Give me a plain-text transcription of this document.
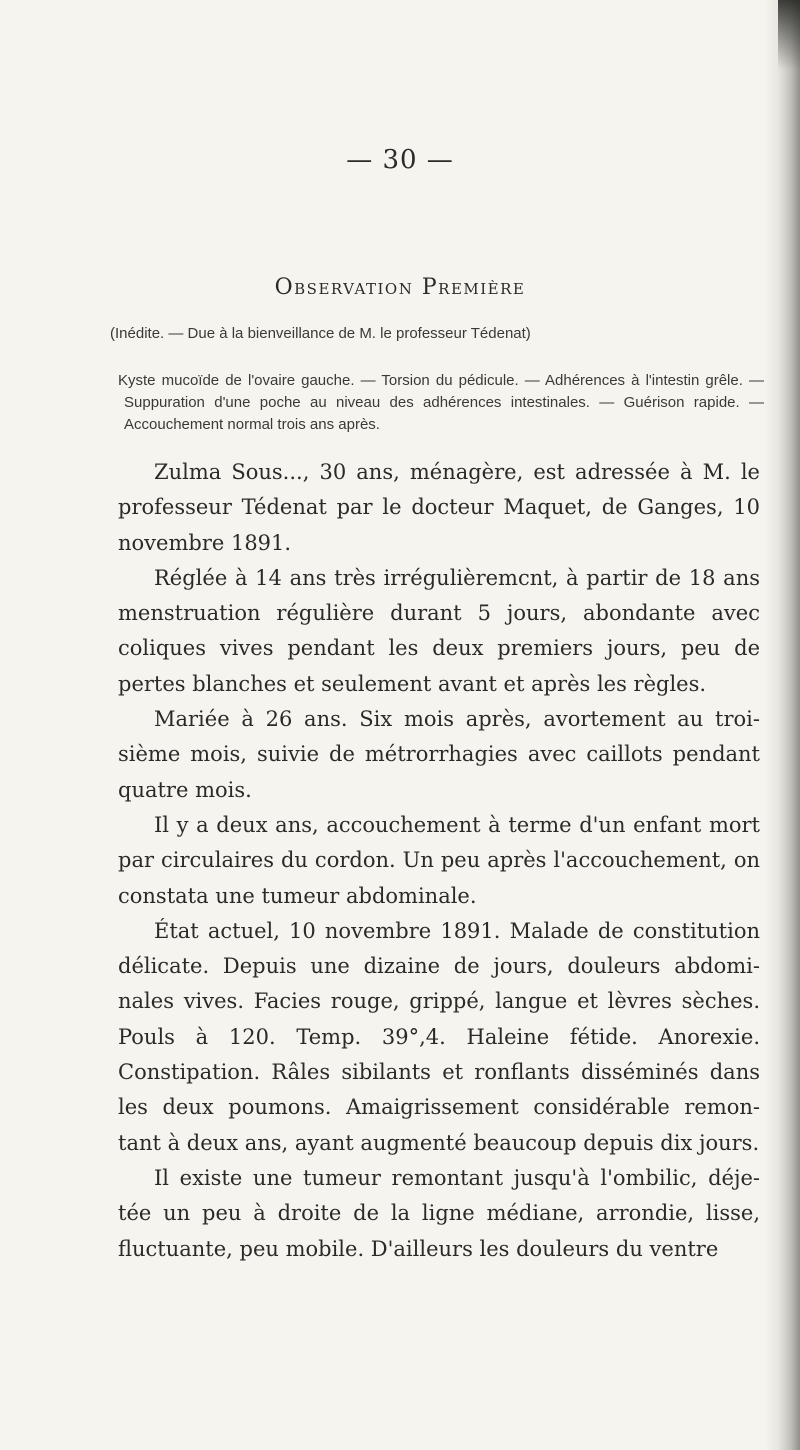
— 30 —
Observation Première
(Inédite. — Due à la bienveillance de M. le professeur Tédenat)
Kyste mucoïde de l'ovaire gauche. — Torsion du pédicule. — Adhérences à l'intestin grêle. — Suppuration d'une poche au niveau des adhérences intestinales. — Guérison rapide. — Accouchement normal trois ans après.

Zulma Sous..., 30 ans, ménagère, est adressée à M. le professeur Tédenat par le docteur Maquet, de Ganges, 10 novembre 1891.

Réglée à 14 ans très irrégulièremcnt, à partir de 18 ans menstruation régulière durant 5 jours, abondante avec coliques vives pendant les deux premiers jours, peu de pertes blanches et seulement avant et après les règles.

Mariée à 26 ans. Six mois après, avortement au troi-sième mois, suivie de métrorrhagies avec caillots pendant quatre mois.

Il y a deux ans, accouchement à terme d'un enfant mort par circulaires du cordon. Un peu après l'accouchement, on constata une tumeur abdominale.

État actuel, 10 novembre 1891. Malade de constitution délicate. Depuis une dizaine de jours, douleurs abdomi-nales vives. Facies rouge, grippé, langue et lèvres sèches. Pouls à 120. Temp. 39°,4. Haleine fétide. Anorexie. Constipation. Râles sibilants et ronflants disséminés dans les deux poumons. Amaigrissement considérable remon-tant à deux ans, ayant augmenté beaucoup depuis dix jours.

Il existe une tumeur remontant jusqu'à l'ombilic, déje-tée un peu à droite de la ligne médiane, arrondie, lisse, fluctuante, peu mobile. D'ailleurs les douleurs du ventre
